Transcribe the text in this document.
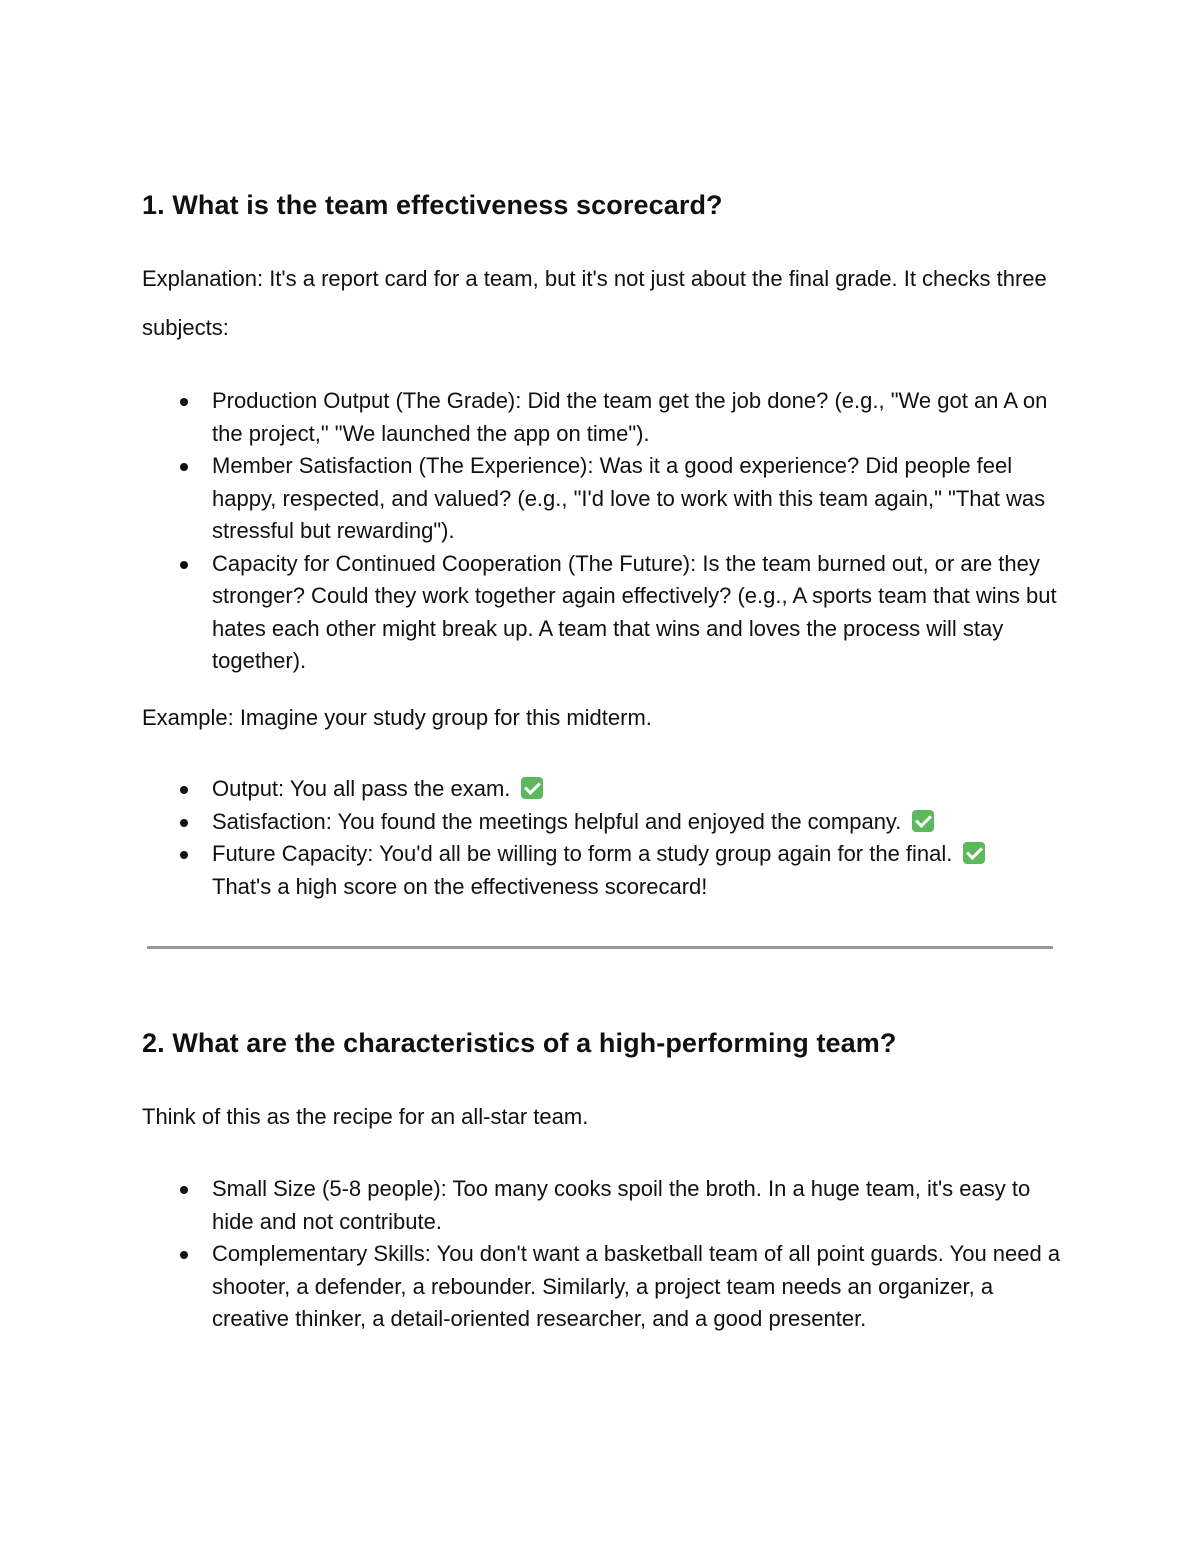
1. What is the team effectiveness scorecard?

Explanation: It's a report card for a team, but it's not just about the final grade. It checks three subjects:

Production Output (The Grade): Did the team get the job done? (e.g., "We got an A on the project," "We launched the app on time").
Member Satisfaction (The Experience): Was it a good experience? Did people feel happy, respected, and valued? (e.g., "I'd love to work with this team again," "That was stressful but rewarding").
Capacity for Continued Cooperation (The Future): Is the team burned out, or are they stronger? Could they work together again effectively? (e.g., A sports team that wins but hates each other might break up. A team that wins and loves the process will stay together).

Example: Imagine your study group for this midterm.

Output: You all pass the exam.
Satisfaction: You found the meetings helpful and enjoyed the company.
Future Capacity: You'd all be willing to form a study group again for the final.
That's a high score on the effectiveness scorecard!
2. What are the characteristics of a high-performing team?

Think of this as the recipe for an all-star team.

Small Size (5-8 people): Too many cooks spoil the broth. In a huge team, it's easy to hide and not contribute.
Complementary Skills: You don't want a basketball team of all point guards. You need a shooter, a defender, a rebounder. Similarly, a project team needs an organizer, a creative thinker, a detail-oriented researcher, and a good presenter.
